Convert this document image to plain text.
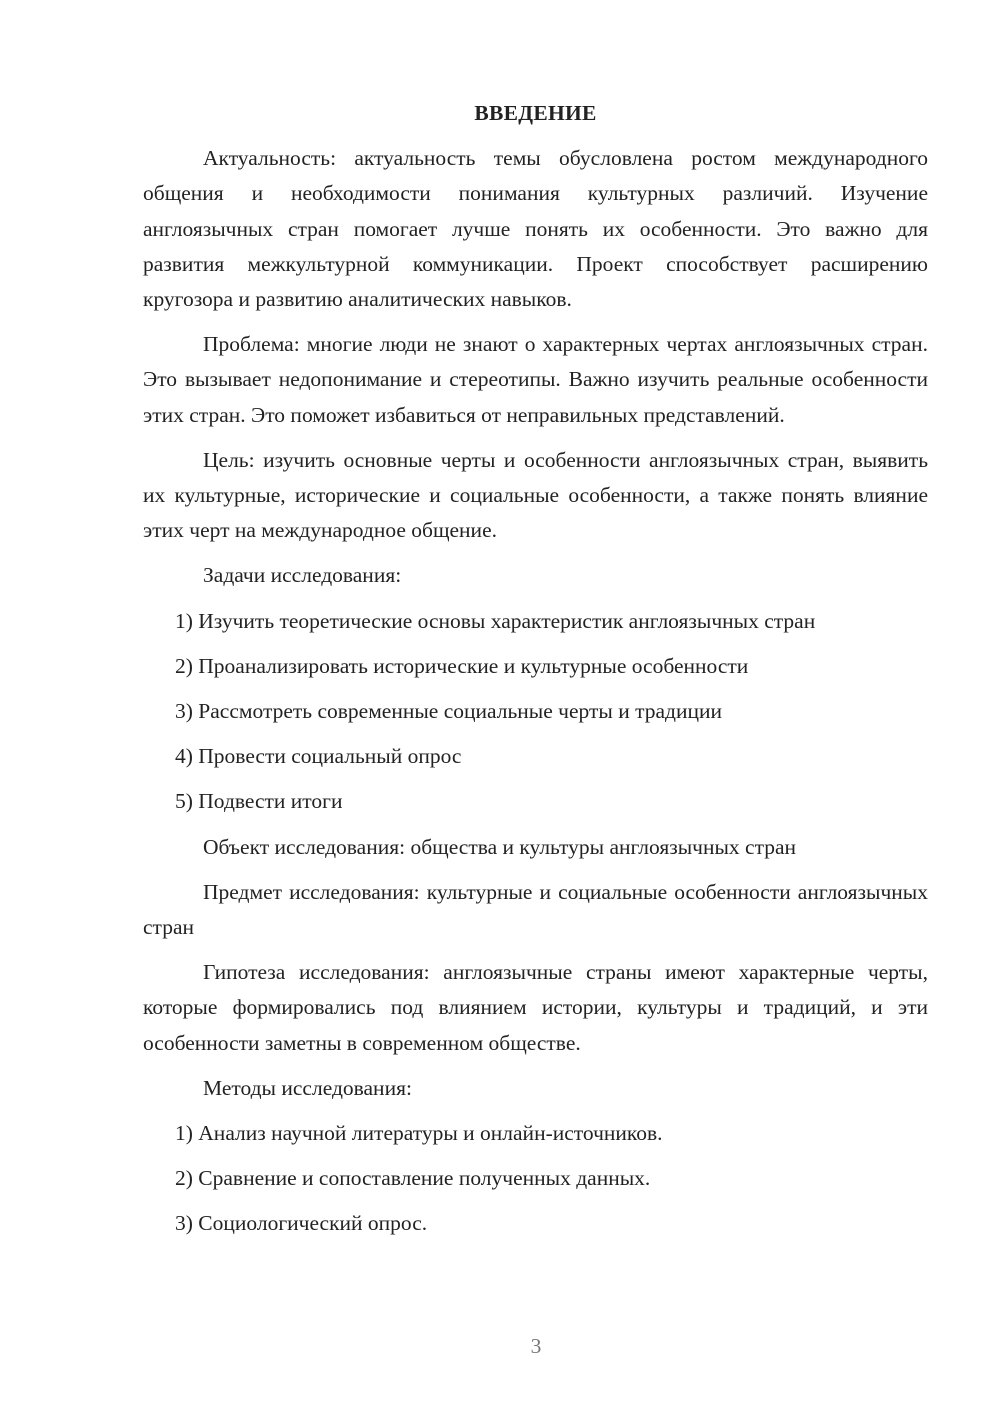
ВВЕДЕНИЕ
Актуальность: актуальность темы обусловлена ростом международного общения и необходимости понимания культурных различий. Изучение англоязычных стран помогает лучше понять их особенности. Это важно для развития межкультурной коммуникации. Проект способствует расширению кругозора и развитию аналитических навыков.
Проблема: многие люди не знают о характерных чертах англоязычных стран. Это вызывает недопонимание и стереотипы. Важно изучить реальные особенности этих стран. Это поможет избавиться от неправильных представлений.
Цель: изучить основные черты и особенности англоязычных стран, выявить их культурные, исторические и социальные особенности, а также понять влияние этих черт на международное общение.
Задачи исследования:
1) Изучить теоретические основы характеристик англоязычных стран
2) Проанализировать исторические и культурные особенности
3) Рассмотреть современные социальные черты и традиции
4) Провести социальный опрос
5) Подвести итоги
Объект исследования: общества и культуры англоязычных стран
Предмет исследования: культурные и социальные особенности англоязычных стран
Гипотеза исследования: англоязычные страны имеют характерные черты, которые формировались под влиянием истории, культуры и традиций, и эти особенности заметны в современном обществе.
Методы исследования:
1) Анализ научной литературы и онлайн-источников.
2) Сравнение и сопоставление полученных данных.
3) Социологический опрос.
3
